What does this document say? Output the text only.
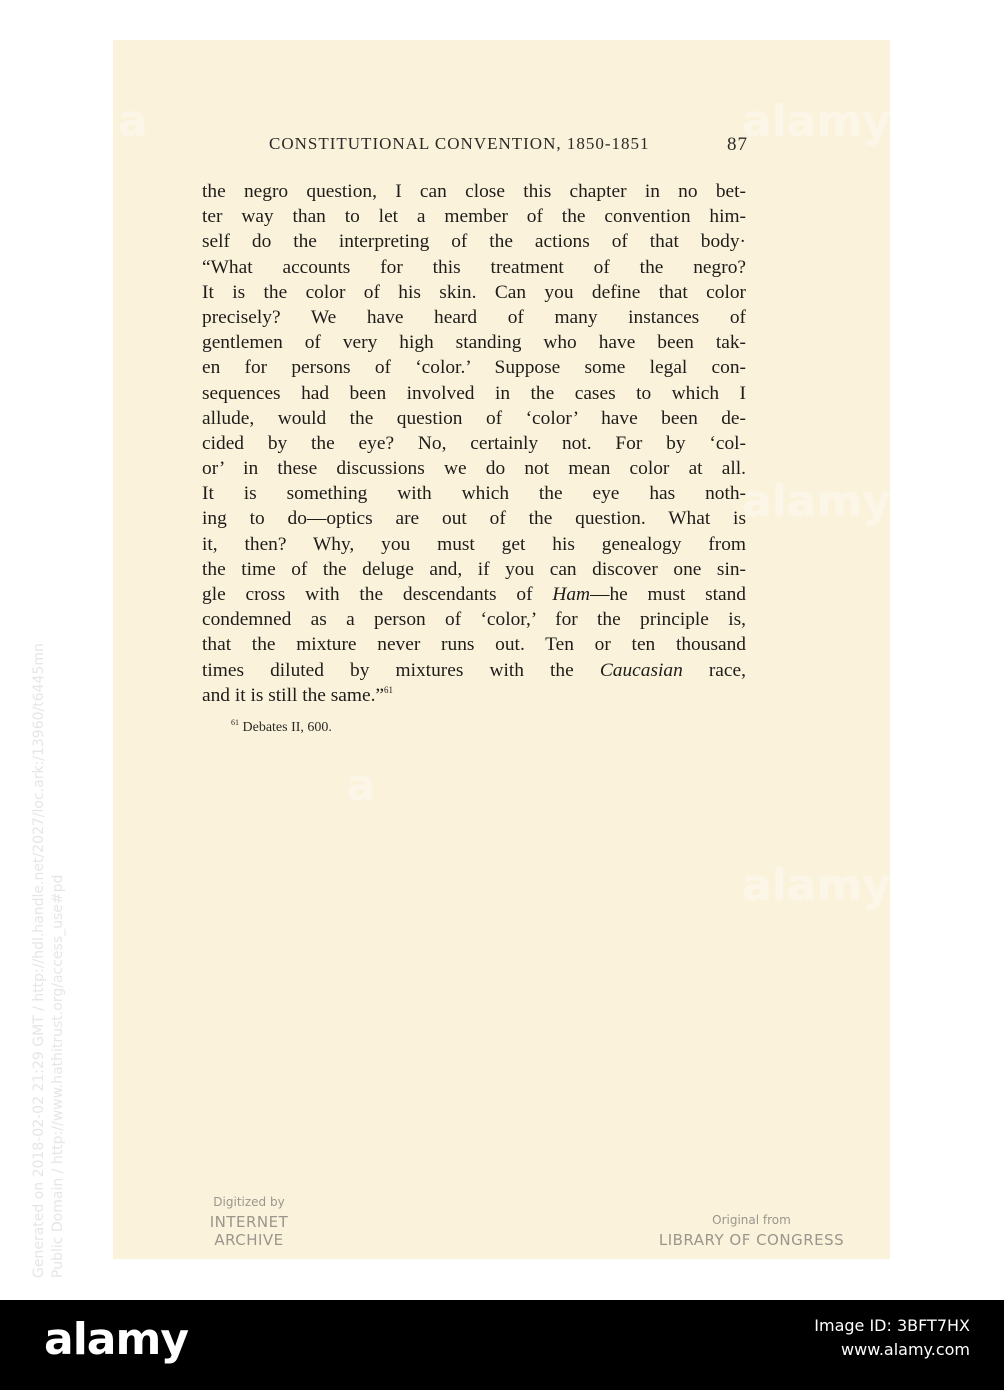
CONSTITUTIONAL CONVENTION, 1850-1851	87
the negro question, I can close this chapter in no bet-
ter way than to let a member of the convention him-
self do the interpreting of the actions of that body·
“What accounts for this treatment of the negro?
It is the color of his skin. Can you define that color
precisely? We have heard of many instances of
gentlemen of very high standing who have been tak-
en for persons of ‘color.’ Suppose some legal con-
sequences had been involved in the cases to which I
allude, would the question of ‘color’ have been de-
cided by the eye? No, certainly not. For by ‘col-
or’ in these discussions we do not mean color at all.
It is something with which the eye has noth-
ing to do—optics are out of the question. What is
it, then? Why, you must get his genealogy from
the time of the deluge and, if you can discover one sin-
gle cross with the descendants of Ham—he must stand
condemned as a person of ‘color,’ for the principle is,
that the mixture never runs out. Ten or ten thousand
times diluted by mixtures with the Caucasian race,
and it is still the same.”$^{61}$
$^{61}$ Debates II, 600.
Digitized by
INTERNET ARCHIVE
Original from
LIBRARY OF CONGRESS
Generated on 2018-02-02 21:29 GMT / http://hdl.handle.net/2027/loc.ark:/13960/t6445mn Public Domain / http://www.hathitrust.org/access_use#pd
a	alamy
alamy
alamy
a
alamy	Image ID: 3BFT7HX
www.alamy.com
